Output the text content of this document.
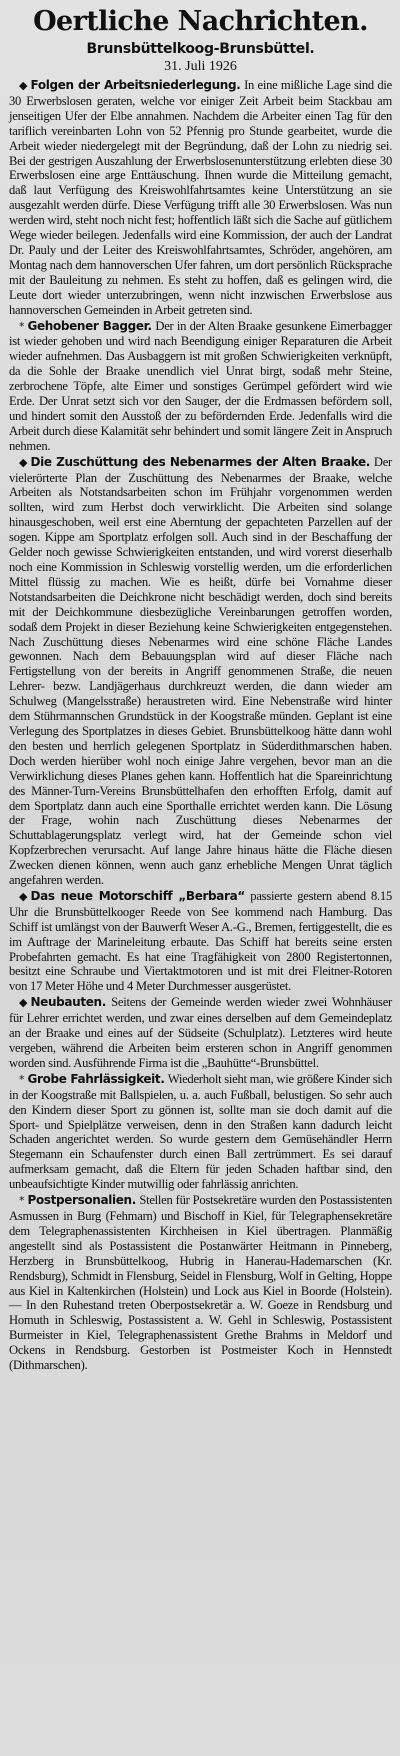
Oertliche Nachrichten.
Brunsbüttelkoog-Brunsbüttel.
31. Juli 1926

◆ Folgen der Arbeitsniederlegung. In eine mißliche Lage sind die 30 Erwerbslosen geraten, welche vor einiger Zeit Arbeit beim Stackbau am jenseitigen Ufer der Elbe annahmen. Nachdem die Arbeiter einen Tag für den tariflich vereinbarten Lohn von 52 Pfennig pro Stunde gearbeitet, wurde die Arbeit wieder niedergelegt mit der Begründung, daß der Lohn zu niedrig sei. Bei der gestrigen Auszahlung der Erwerbslosenunterstützung erlebten diese 30 Erwerbslosen eine arge Enttäuschung. Ihnen wurde die Mitteilung gemacht, daß laut Verfügung des Kreiswohlfahrtsamtes keine Unterstützung an sie ausgezahlt werden dürfe. Diese Verfügung trifft alle 30 Erwerbslosen. Was nun werden wird, steht noch nicht fest; hoffentlich läßt sich die Sache auf gütlichem Wege wieder beilegen. Jedenfalls wird eine Kommission, der auch der Landrat Dr. Pauly und der Leiter des Kreiswohlfahrtsamtes, Schröder, angehören, am Montag nach dem hannoverschen Ufer fahren, um dort persönlich Rücksprache mit der Bauleitung zu nehmen. Es steht zu hoffen, daß es gelingen wird, die Leute dort wieder unterzubringen, wenn nicht inzwischen Erwerbslose aus hannoverschen Gemeinden in Arbeit getreten sind.

* Gehobener Bagger. Der in der Alten Braake gesunkene Eimerbagger ist wieder gehoben und wird nach Beendigung einiger Reparaturen die Arbeit wieder aufnehmen. Das Ausbaggern ist mit großen Schwierigkeiten verknüpft, da die Sohle der Braake unendlich viel Unrat birgt, sodaß mehr Steine, zerbrochene Töpfe, alte Eimer und sonstiges Gerümpel gefördert wird wie Erde. Der Unrat setzt sich vor den Sauger, der die Erdmassen befördern soll, und hindert somit den Ausstoß der zu befördernden Erde. Jedenfalls wird die Arbeit durch diese Kalamität sehr behindert und somit längere Zeit in Anspruch nehmen.

◆ Die Zuschüttung des Nebenarmes der Alten Braake. Der vielerörterte Plan der Zuschüttung des Nebenarmes der Braake, welche Arbeiten als Notstandsarbeiten schon im Frühjahr vorgenommen werden sollten, wird zum Herbst doch verwirklicht. Die Arbeiten sind solange hinausgeschoben, weil erst eine Aberntung der gepachteten Parzellen auf der sogen. Kippe am Sportplatz erfolgen soll. Auch sind in der Beschaffung der Gelder noch gewisse Schwierigkeiten entstanden, und wird vorerst dieserhalb noch eine Kommission in Schleswig vorstellig werden, um die erforderlichen Mittel flüssig zu machen. Wie es heißt, dürfe bei Vornahme dieser Notstandsarbeiten die Deichkrone nicht beschädigt werden, doch sind bereits mit der Deichkommune diesbezügliche Vereinbarungen getroffen worden, sodaß dem Projekt in dieser Beziehung keine Schwierigkeiten entgegenstehen. Nach Zuschüttung dieses Nebenarmes wird eine schöne Fläche Landes gewonnen. Nach dem Bebauungsplan wird auf dieser Fläche nach Fertigstellung von der bereits in Angriff genommenen Straße, die neuen Lehrer- bezw. Landjägerhaus durchkreuzt werden, die dann wieder am Schulweg (Mangelsstraße) heraustreten wird. Eine Nebenstraße wird hinter dem Stührmannschen Grundstück in der Koogstraße münden. Geplant ist eine Verlegung des Sportplatzes in dieses Gebiet. Brunsbüttelkoog hätte dann wohl den besten und herrlich gelegenen Sportplatz in Süderdithmarschen haben. Doch werden hierüber wohl noch einige Jahre vergehen, bevor man an die Verwirklichung dieses Planes gehen kann. Hoffentlich hat die Spareinrichtung des Männer-Turn-Vereins Brunsbüttelhafen den erhofften Erfolg, damit auf dem Sportplatz dann auch eine Sporthalle errichtet werden kann. Die Lösung der Frage, wohin nach Zuschüttung dieses Nebenarmes der Schuttablagerungsplatz verlegt wird, hat der Gemeinde schon viel Kopfzerbrechen verursacht. Auf lange Jahre hinaus hätte die Fläche diesen Zwecken dienen können, wenn auch ganz erhebliche Mengen Unrat täglich angefahren werden.

◆ Das neue Motorschiff „Berbara“ passierte gestern abend 8.15 Uhr die Brunsbüttelkooger Reede von See kommend nach Hamburg. Das Schiff ist umlängst von der Bauwerft Weser A.-G., Bremen, fertiggestellt, die es im Auftrage der Marineleitung erbaute. Das Schiff hat bereits seine ersten Probefahrten gemacht. Es hat eine Tragfähigkeit von 2800 Registertonnen, besitzt eine Schraube und Viertaktmotoren und ist mit drei Fleitner-Rotoren von 17 Meter Höhe und 4 Meter Durchmesser ausgerüstet.

◆ Neubauten. Seitens der Gemeinde werden wieder zwei Wohnhäuser für Lehrer errichtet werden, und zwar eines derselben auf dem Gemeindeplatz an der Braake und eines auf der Südseite (Schulplatz). Letzteres wird heute vergeben, während die Arbeiten beim ersteren schon in Angriff genommen worden sind. Ausführende Firma ist die „Bauhütte“-Brunsbüttel.

* Grobe Fahrlässigkeit. Wiederholt sieht man, wie größere Kinder sich in der Koogstraße mit Ballspielen, u. a. auch Fußball, belustigen. So sehr auch den Kindern dieser Sport zu gönnen ist, sollte man sie doch damit auf die Sport- und Spielplätze verweisen, denn in den Straßen kann dadurch leicht Schaden angerichtet werden. So wurde gestern dem Gemüsehändler Herrn Stegemann ein Schaufenster durch einen Ball zertrümmert. Es sei darauf aufmerksam gemacht, daß die Eltern für jeden Schaden haftbar sind, den unbeaufsichtigte Kinder mutwillig oder fahrlässig anrichten.

* Postpersonalien. Stellen für Postsekretäre wurden den Postassistenten Asmussen in Burg (Fehmarn) und Bischoff in Kiel, für Telegraphensekretäre dem Telegraphenassistenten Kirchheisen in Kiel übertragen. Planmäßig angestellt sind als Postassistent die Postanwärter Heitmann in Pinneberg, Herzberg in Brunsbüttelkoog, Hubrig in Hanerau-Hademarschen (Kr. Rendsburg), Schmidt in Flensburg, Seidel in Flensburg, Wolf in Gelting, Hoppe aus Kiel in Kaltenkirchen (Holstein) und Lock aus Kiel in Boorde (Holstein). — In den Ruhestand treten Oberpostsekretär a. W. Goeze in Rendsburg und Homuth in Schleswig, Postassistent a. W. Gehl in Schleswig, Postassistent Burmeister in Kiel, Telegraphenassistent Grethe Brahms in Meldorf und Ockens in Rendsburg. Gestorben ist Postmeister Koch in Hennstedt (Dithmarschen).
